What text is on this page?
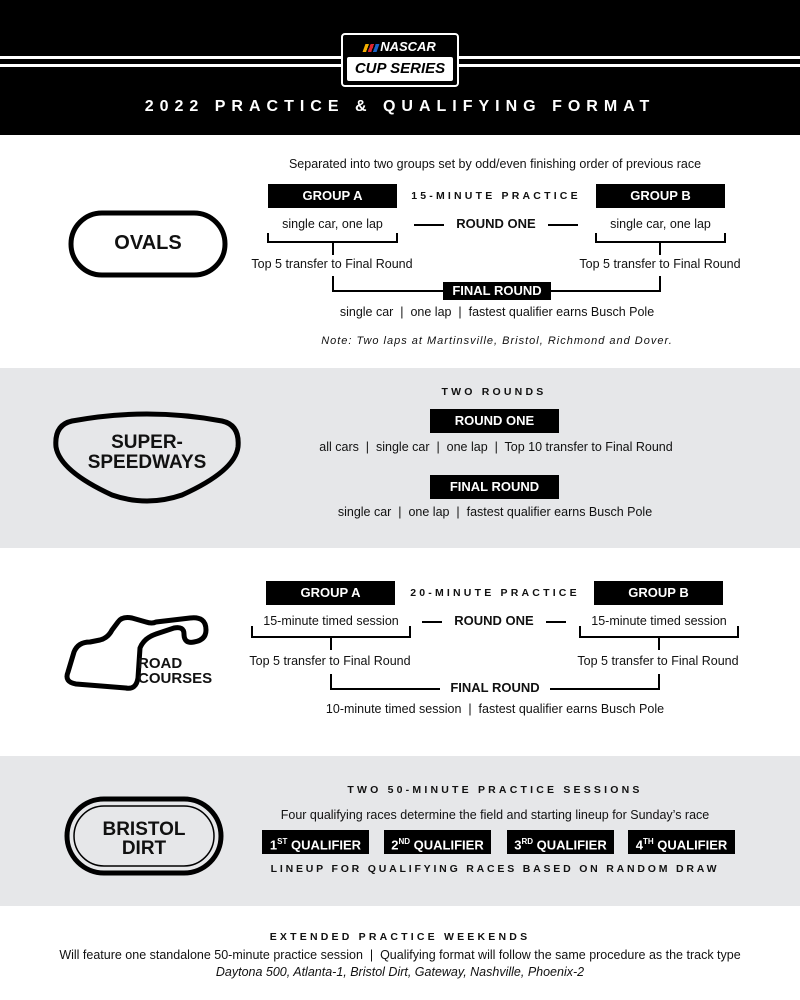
NASCAR
CUP SERIES
2022 PRACTICE & QUALIFYING FORMAT
OVALS
Separated into two groups set by odd/even finishing order of previous race
GROUP A	15-MINUTE PRACTICE	GROUP B
single car, one lap	single car, one lap
ROUND ONE
Top 5 transfer to Final Round	Top 5 transfer to Final Round
FINAL ROUND
single car  |  one lap  |  fastest qualifier earns Busch Pole
Note: Two laps at Martinsville, Bristol, Richmond and Dover.
SUPER-
SPEEDWAYS
TWO ROUNDS
ROUND ONE
all cars  |  single car  |  one lap  |  Top 10 transfer to Final Round
FINAL ROUND
single car  |  one lap  |  fastest qualifier earns Busch Pole
ROAD
COURSES
GROUP A	20-MINUTE PRACTICE	GROUP B
15-minute timed session	15-minute timed session
ROUND ONE
Top 5 transfer to Final Round	Top 5 transfer to Final Round
FINAL ROUND
10-minute timed session  |  fastest qualifier earns Busch Pole
BRISTOL
DIRT
TWO 50-MINUTE PRACTICE SESSIONS
Four qualifying races determine the field and starting lineup for Sunday’s race
1ST QUALIFIER	2ND QUALIFIER	3RD QUALIFIER	4TH QUALIFIER
LINEUP FOR QUALIFYING RACES BASED ON RANDOM DRAW
EXTENDED PRACTICE WEEKENDS
Will feature one standalone 50-minute practice session  |  Qualifying format will follow the same procedure as the track type
Daytona 500, Atlanta-1, Bristol Dirt, Gateway, Nashville, Phoenix-2
